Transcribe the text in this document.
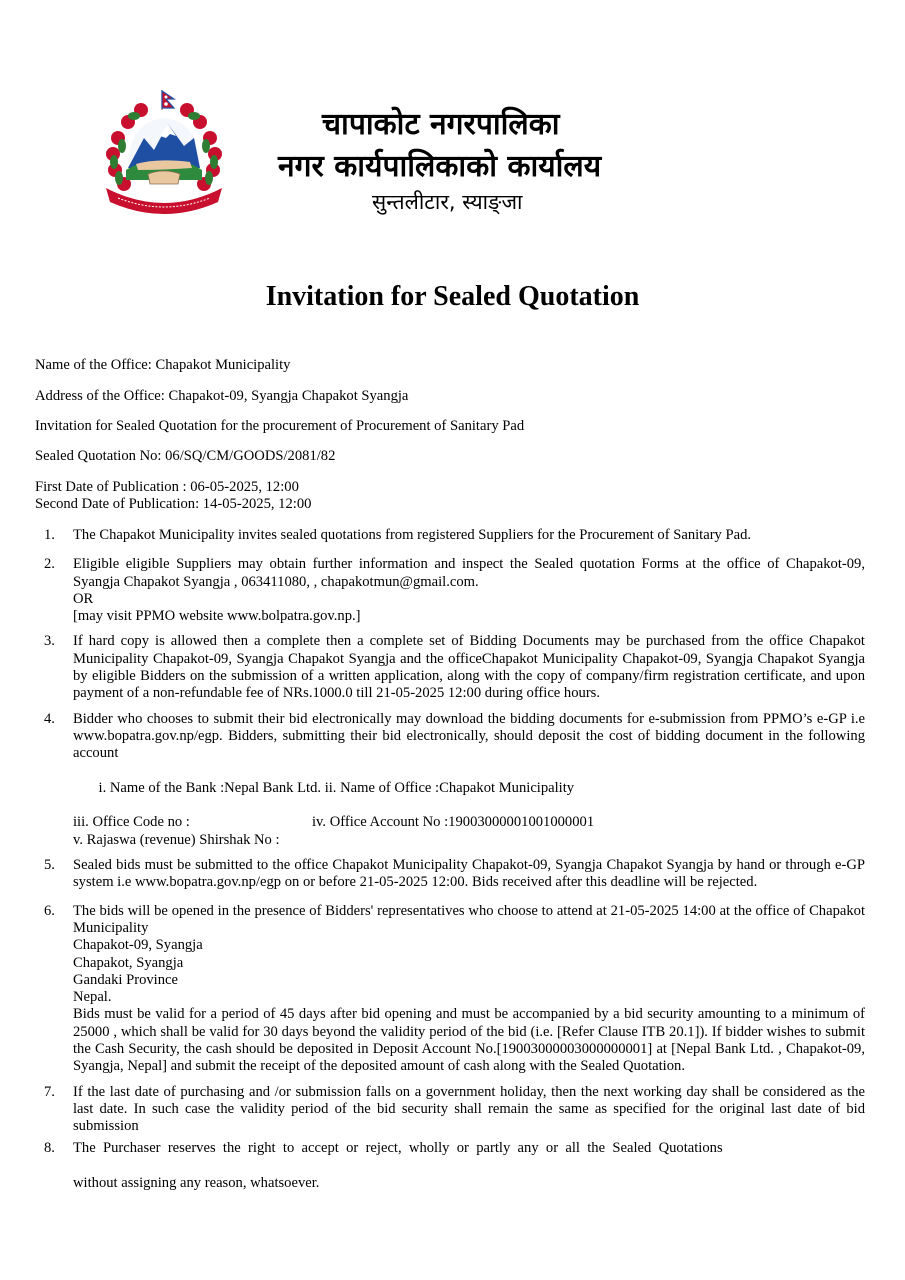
चापाकोट नगरपालिका
नगर कार्यपालिकाको कार्यालय
सुन्तलीटार, स्याङ्जा
Invitation for Sealed Quotation
Name of the Office: Chapakot Municipality
Address of the Office: Chapakot-09, Syangja Chapakot Syangja
Invitation for Sealed Quotation for the procurement of Procurement of Sanitary Pad
Sealed Quotation No: 06/SQ/CM/GOODS/2081/82
First Date of Publication : 06-05-2025, 12:00
Second Date of Publication: 14-05-2025, 12:00
1. The Chapakot Municipality invites sealed quotations from registered Suppliers for the Procurement of Sanitary Pad.
2. Eligible eligible Suppliers may obtain further information and inspect the Sealed quotation Forms at the office of Chapakot-09, Syangja Chapakot Syangja , 063411080, , chapakotmun@gmail.com.
OR
[may visit PPMO website www.bolpatra.gov.np.]
3. If hard copy is allowed then a complete then a complete set of Bidding Documents may be purchased from the office Chapakot Municipality Chapakot-09, Syangja Chapakot Syangja and the officeChapakot Municipality Chapakot-09, Syangja Chapakot Syangja by eligible Bidders on the submission of a written application, along with the copy of company/firm registration certificate, and upon payment of a non-refundable fee of NRs.1000.0 till 21-05-2025 12:00 during office hours.
4. Bidder who chooses to submit their bid electronically may download the bidding documents for e-submission from PPMO’s e-GP i.e www.bopatra.gov.np/egp. Bidders, submitting their bid electronically, should deposit the cost of bidding document in the following account

i. Name of the Bank :Nepal Bank Ltd. ii. Name of Office :Chapakot Municipality

iii. Office Code no :	iv. Office Account No :19003000001001000001
v. Rajaswa (revenue) Shirshak No :
5. Sealed bids must be submitted to the office Chapakot Municipality Chapakot-09, Syangja Chapakot Syangja by hand or through e-GP system i.e www.bopatra.gov.np/egp on or before 21-05-2025 12:00. Bids received after this deadline will be rejected.
6. The bids will be opened in the presence of Bidders' representatives who choose to attend at 21-05-2025 14:00 at the office of Chapakot Municipality
Chapakot-09, Syangja
Chapakot, Syangja
Gandaki Province
Nepal.
Bids must be valid for a period of 45 days after bid opening and must be accompanied by a bid security amounting to a minimum of 25000 , which shall be valid for 30 days beyond the validity period of the bid (i.e. [Refer Clause ITB 20.1]). If bidder wishes to submit the Cash Security, the cash should be deposited in Deposit Account No.[19003000003000000001] at [Nepal Bank Ltd. , Chapakot-09, Syangja, Nepal] and submit the receipt of the deposited amount of cash along with the Sealed Quotation.
7. If the last date of purchasing and /or submission falls on a government holiday, then the next working day shall be considered as the last date. In such case the validity period of the bid security shall remain the same as specified for the original last date of bid submission
8. The  Purchaser  reserves  the  right  to  accept  or  reject,  wholly  or  partly  any  or  all  the  Sealed  Quotations
without assigning any reason, whatsoever.
